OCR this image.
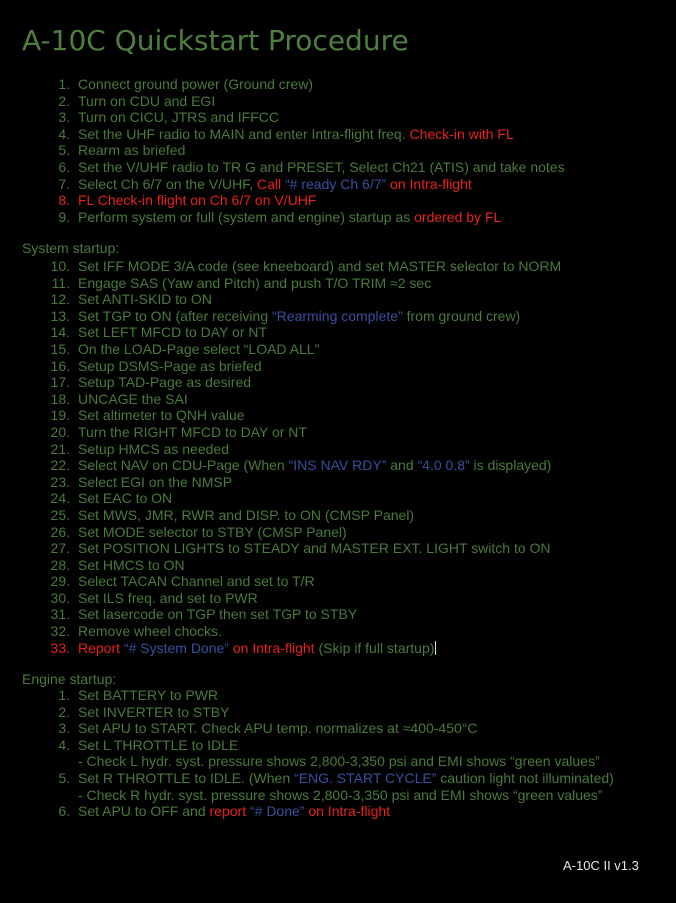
A-10C Quickstart Procedure
1. Connect ground power (Ground crew)
2. Turn on CDU and EGI
3. Turn on CICU, JTRS and IFFCC
4. Set the UHF radio to MAIN and enter Intra-flight freq. Check-in with FL
5. Rearm as briefed
6. Set the V/UHF radio to TR G and PRESET, Select Ch21 (ATIS) and take notes
7. Select Ch 6/7 on the V/UHF, Call “# ready Ch 6/7” on Intra-flight
8. FL Check-in flight on Ch 6/7 on V/UHF
9. Perform system or full (system and engine) startup as ordered by FL
System startup:
10. Set IFF MODE 3/A code (see kneeboard) and set MASTER selector to NORM
11. Engage SAS (Yaw and Pitch) and push T/O TRIM ≈2 sec
12. Set ANTI-SKID to ON
13. Set TGP to ON (after receiving “Rearming complete” from ground crew)
14. Set LEFT MFCD to DAY or NT
15. On the LOAD-Page select “LOAD ALL”
16. Setup DSMS-Page as briefed
17. Setup TAD-Page as desired
18. UNCAGE the SAI
19. Set altimeter to QNH value
20. Turn the RIGHT MFCD to DAY or NT
21. Setup HMCS as needed
22. Select NAV on CDU-Page (When “INS NAV RDY” and “4.0 0.8” is displayed)
23. Select EGI on the NMSP
24. Set EAC to ON
25. Set MWS, JMR, RWR and DISP. to ON (CMSP Panel)
26. Set MODE selector to STBY (CMSP Panel)
27. Set POSITION LIGHTS to STEADY and MASTER EXT. LIGHT switch to ON
28. Set HMCS to ON
29. Select TACAN Channel and set to T/R
30. Set ILS freq. and set to PWR
31. Set lasercode on TGP then set TGP to STBY
32. Remove wheel chocks.
33. Report “# System Done” on Intra-flight (Skip if full startup)
Engine startup:
1. Set BATTERY to PWR
2. Set INVERTER to STBY
3. Set APU to START. Check APU temp. normalizes at ≈400-450°C
4. Set L THROTTLE to IDLE
- Check L hydr. syst. pressure shows 2,800-3,350 psi and EMI shows “green values”
5. Set R THROTTLE to IDLE. (When “ENG. START CYCLE” caution light not illuminated)
- Check R hydr. syst. pressure shows 2,800-3,350 psi and EMI shows “green values”
6. Set APU to OFF and report “# Done” on Intra-flight
A-10C II v1.3
